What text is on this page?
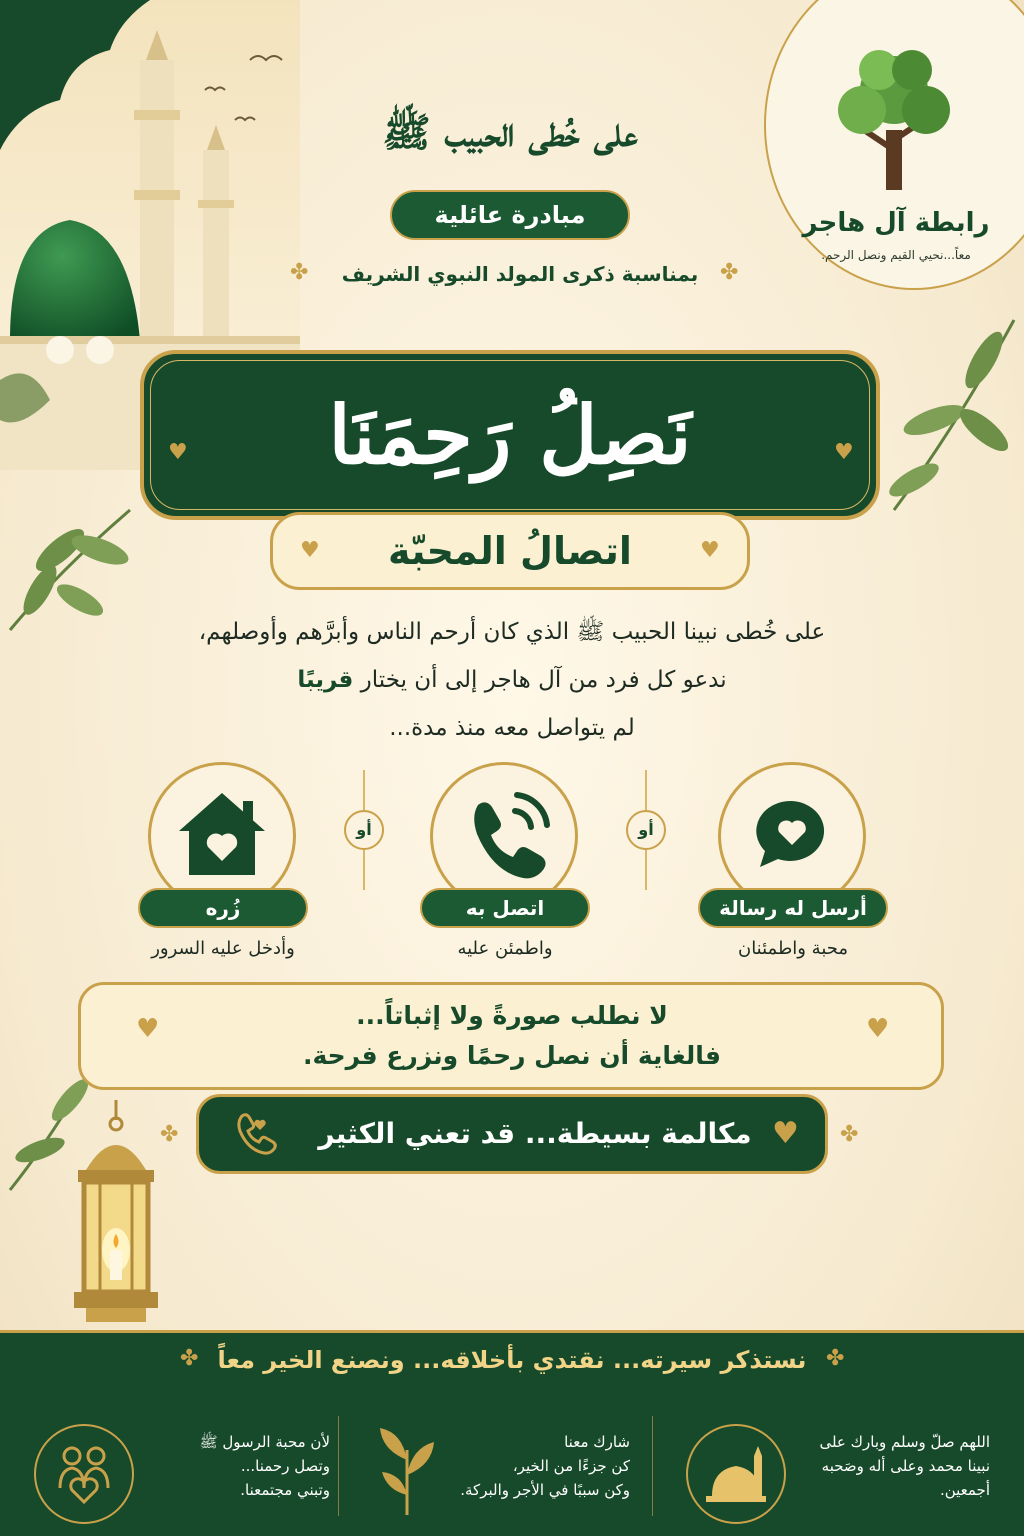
رابطة آل هاجر
معاً...نحيي القيم ونصل الرحم.
على خُطى الحبيب ﷺ
مبادرة عائلية
✤	✤
بمناسبة ذكرى المولد النبوي الشريف
♥	♥
نَصِلُ رَحِمَنَا
اتصالُ المحبّة
♥	♥
على خُطى نبينا الحبيب ﷺ الذي كان أرحم الناس وأبرَّهم وأوصلهم،
ندعو كل فرد من آل هاجر إلى أن يختار قريبًا
لم يتواصل معه منذ مدة...
أرسل له رسالة
محبة واطمئنان
أو
اتصل به
واطمئن عليه
أو
زُره
وأدخل عليه السرور
♥	♥
لا نطلب صورةً ولا إثباتاً...
فالغاية أن نصل رحمًا ونزرع فرحة.
✤	✤
مكالمة بسيطة... قد تعني الكثير ♥
✤	✤
نستذكر سيرته... نقتدي بأخلاقه... ونصنع الخير معاً
اللهم صلّ وسلم وبارك على
نبينا محمد وعلى أله وصَحبه
أجمعين.
شارك معنا
كن جزءًا من الخير،
وكن سببًا في الأجر والبركة.
لأن محبة الرسول ﷺ
وتصل رحمنا...
وتبني مجتمعنا.
